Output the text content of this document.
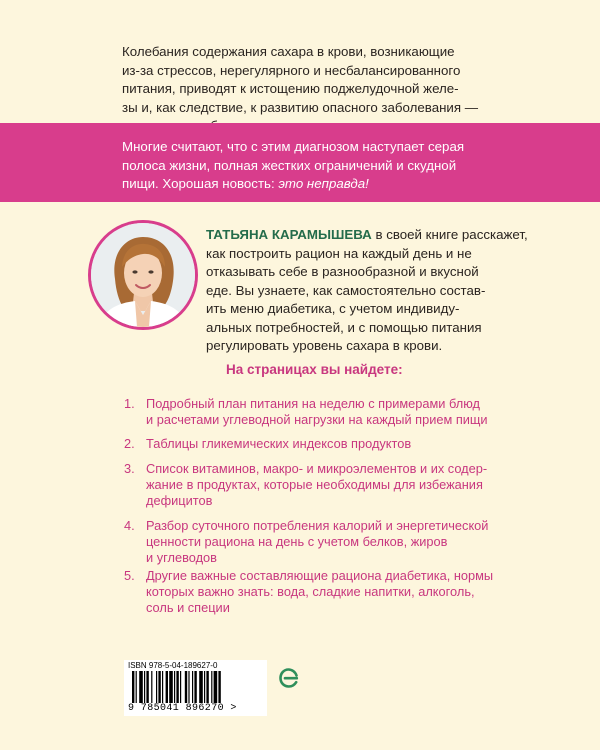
Колебания содержания сахара в крови, возникающие
из-за стрессов, нерегулярного и несбалансированного
питания, приводят к истощению поджелудочной желе-
зы и, как следствие, к развитию опасного заболевания —
Многие считают, что с этим диагнозом наступает серая
полоса жизни, полная жестких ограничений и скудной
пищи. Хорошая новость: это неправда!
ТАТЬЯНА КАРАМЫШЕВА в своей книге расскажет,
как построить рацион на каждый день и не
отказывать себе в разнообразной и вкусной
еде. Вы узнаете, как самостоятельно состав-
ить меню диабетика, с учетом индивиду-
альных потребностей, и с помощью питания
регулировать уровень сахара в крови.
На страницах вы найдете:
1. Подробный план питания на неделю с примерами блюд
и расчетами углеводной нагрузки на каждый прием пищи
2. Таблицы гликемических индексов продуктов
3. Список витаминов, макро- и микроэлементов и их содер-
жание в продуктах, которые необходимы для избежания
дефицитов
4. Разбор суточного потребления калорий и энергетической
ценности рациона на день с учетом белков, жиров
и углеводов
5. Другие важные составляющие рациона диабетика, нормы
которых важно знать: вода, сладкие напитки, алкоголь,
соль и специи
ISBN 978-5-04-189627-0
9 785041 896270 >
